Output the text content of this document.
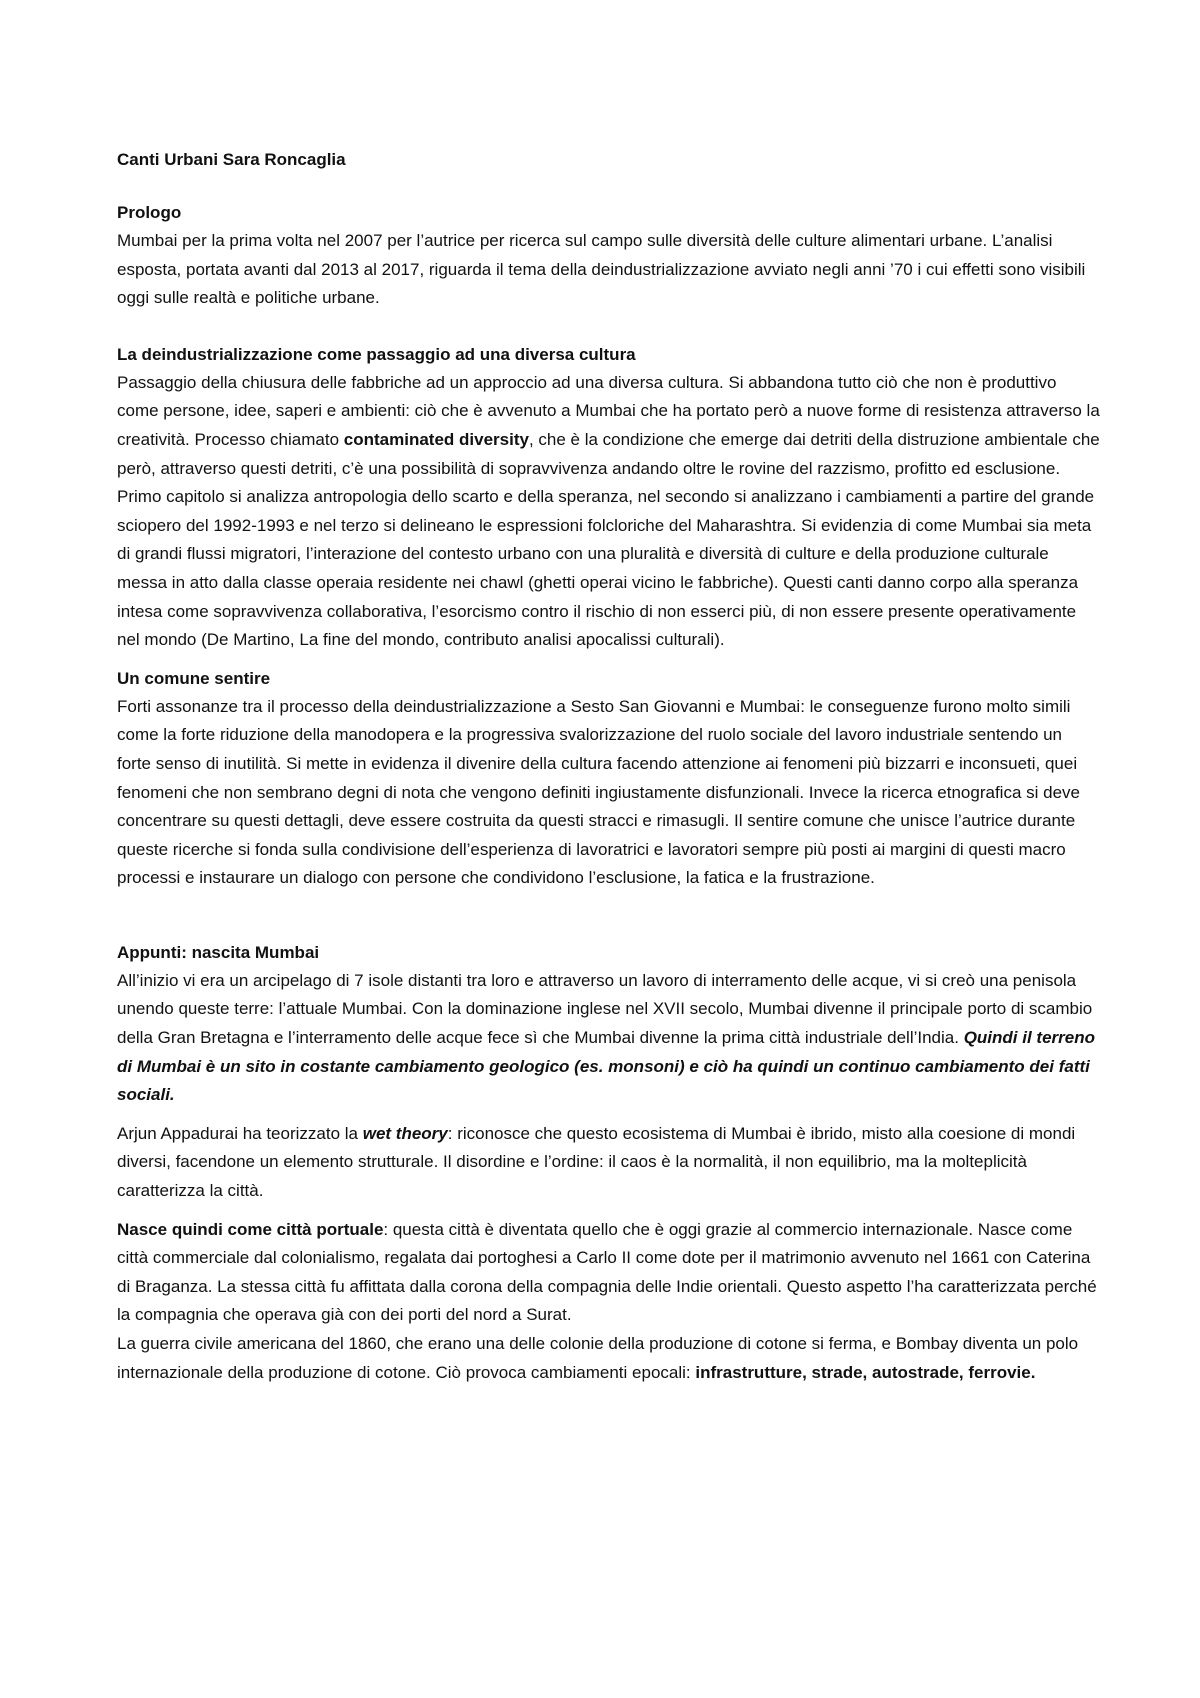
Canti Urbani Sara Roncaglia
Prologo

Mumbai per la prima volta nel 2007 per l’autrice per ricerca sul campo sulle diversità delle culture alimentari urbane. L’analisi esposta, portata avanti dal 2013 al 2017, riguarda il tema della deindustrializzazione avviato negli anni ’70 i cui effetti sono visibili oggi sulle realtà e politiche urbane.

La deindustrializzazione come passaggio ad una diversa cultura

Passaggio della chiusura delle fabbriche ad un approccio ad una diversa cultura. Si abbandona tutto ciò che non è produttivo come persone, idee, saperi e ambienti: ciò che è avvenuto a Mumbai che ha portato però a nuove forme di resistenza attraverso la creatività. Processo chiamato contaminated diversity, che è la condizione che emerge dai detriti della distruzione ambientale che però, attraverso questi detriti, c’è una possibilità di sopravvivenza andando oltre le rovine del razzismo, profitto ed esclusione.

Primo capitolo si analizza antropologia dello scarto e della speranza, nel secondo si analizzano i cambiamenti a partire del grande sciopero del 1992-1993 e nel terzo si delineano le espressioni folcloriche del Maharashtra. Si evidenzia di come Mumbai sia meta di grandi flussi migratori, l’interazione del contesto urbano con una pluralità e diversità di culture e della produzione culturale messa in atto dalla classe operaia residente nei chawl (ghetti operai vicino le fabbriche). Questi canti danno corpo alla speranza intesa come sopravvivenza collaborativa, l’esorcismo contro il rischio di non esserci più, di non essere presente operativamente nel mondo (De Martino, La fine del mondo, contributo analisi apocalissi culturali).

Un comune sentire

Forti assonanze tra il processo della deindustrializzazione a Sesto San Giovanni e Mumbai: le conseguenze furono molto simili come la forte riduzione della manodopera e la progressiva svalorizzazione del ruolo sociale del lavoro industriale sentendo un forte senso di inutilità. Si mette in evidenza il divenire della cultura facendo attenzione ai fenomeni più bizzarri e inconsueti, quei fenomeni che non sembrano degni di nota che vengono definiti ingiustamente disfunzionali. Invece la ricerca etnografica si deve concentrare su questi dettagli, deve essere costruita da questi stracci e rimasugli. Il sentire comune che unisce l’autrice durante queste ricerche si fonda sulla condivisione dell’esperienza di lavoratrici e lavoratori sempre più posti ai margini di questi macro processi e instaurare un dialogo con persone che condividono l’esclusione, la fatica e la frustrazione.

Appunti: nascita Mumbai

All’inizio vi era un arcipelago di 7 isole distanti tra loro e attraverso un lavoro di interramento delle acque, vi si creò una penisola unendo queste terre: l’attuale Mumbai. Con la dominazione inglese nel XVII secolo, Mumbai divenne il principale porto di scambio della Gran Bretagna e l’interramento delle acque fece sì che Mumbai divenne la prima città industriale dell’India. Quindi il terreno di Mumbai è un sito in costante cambiamento geologico (es. monsoni) e ciò ha quindi un continuo cambiamento dei fatti sociali.

Arjun Appadurai ha teorizzato la wet theory: riconosce che questo ecosistema di Mumbai è ibrido, misto alla coesione di mondi diversi, facendone un elemento strutturale. Il disordine e l’ordine: il caos è la normalità, il non equilibrio, ma la molteplicità caratterizza la città.

Nasce quindi come città portuale: questa città è diventata quello che è oggi grazie al commercio internazionale. Nasce come città commerciale dal colonialismo, regalata dai portoghesi a Carlo II come dote per il matrimonio avvenuto nel 1661 con Caterina di Braganza. La stessa città fu affittata dalla corona della compagnia delle Indie orientali. Questo aspetto l’ha caratterizzata perché la compagnia che operava già con dei porti del nord a Surat.

La guerra civile americana del 1860, che erano una delle colonie della produzione di cotone si ferma, e Bombay diventa un polo internazionale della produzione di cotone. Ciò provoca cambiamenti epocali: infrastrutture, strade, autostrade, ferrovie.
